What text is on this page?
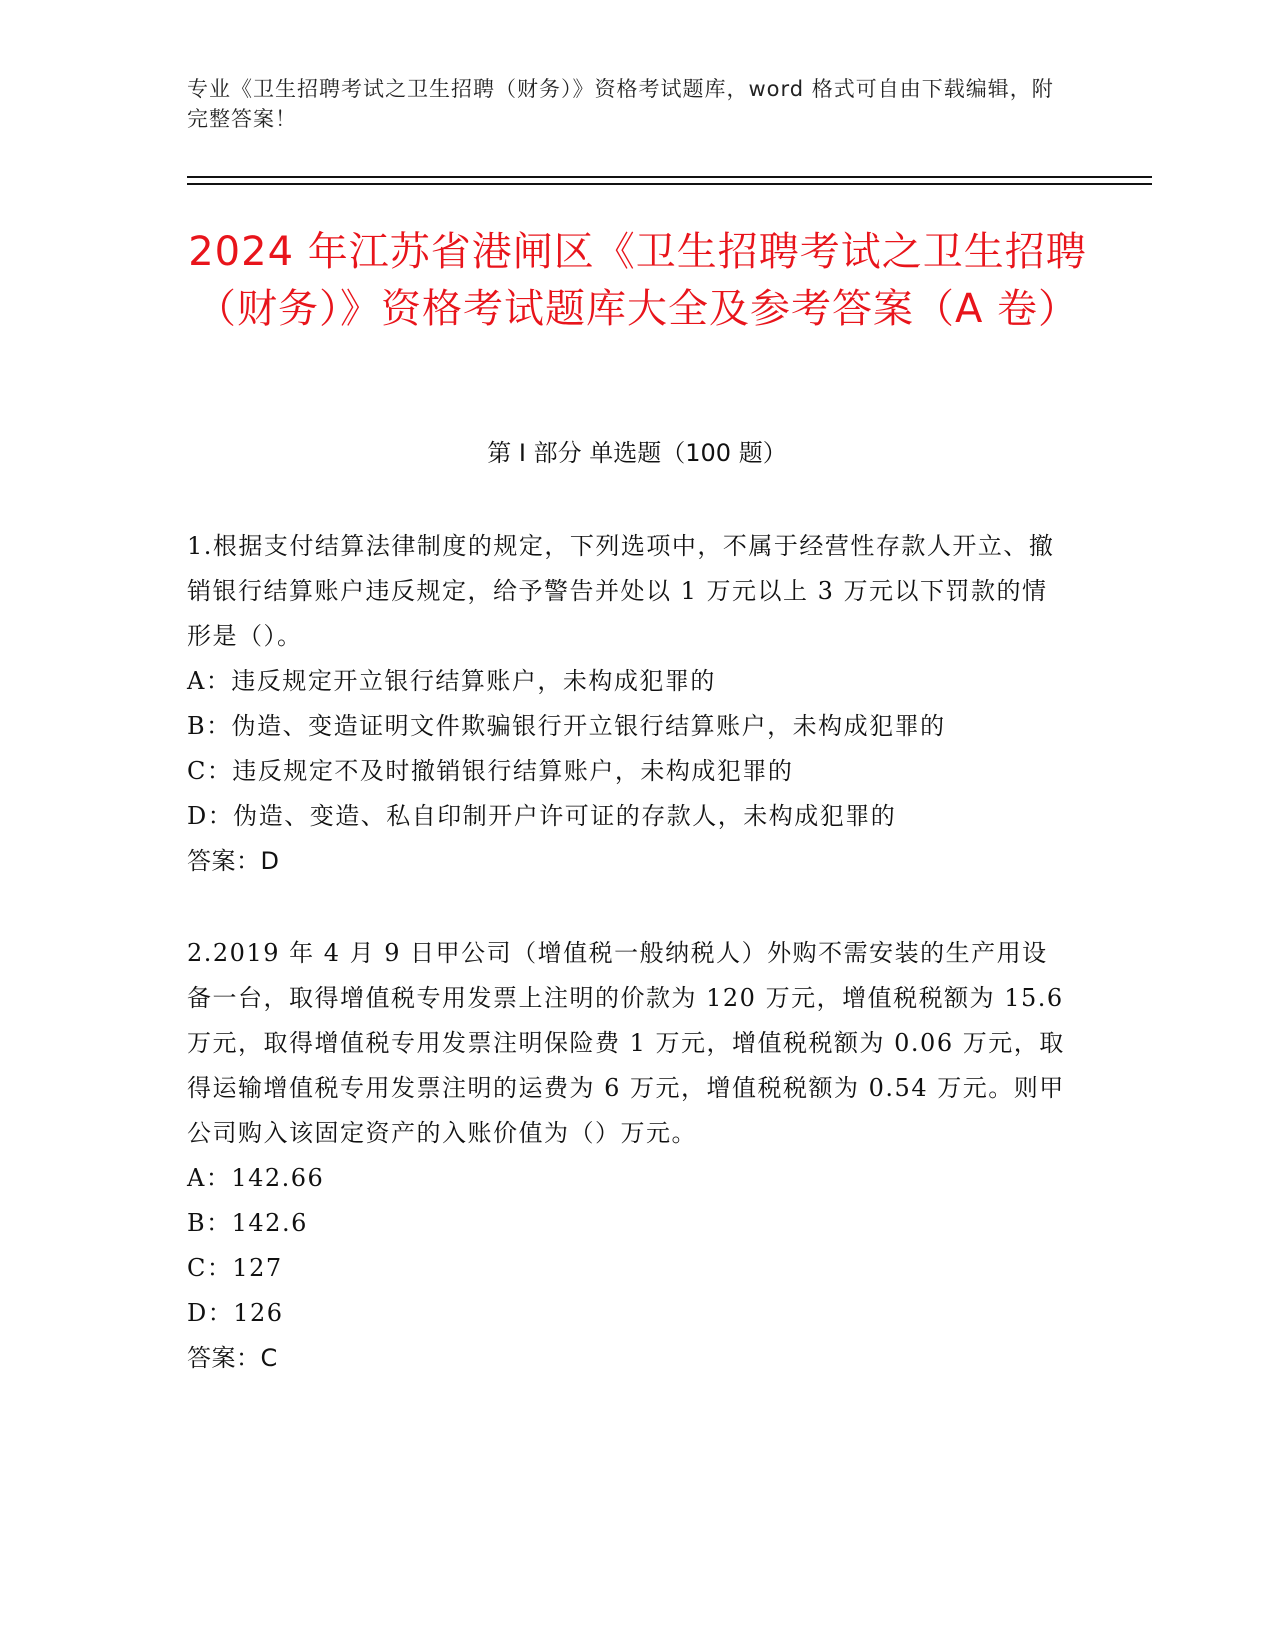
专业《卫生招聘考试之卫生招聘（财务）》资格考试题库，word 格式可自由下载编辑，附完整答案！
2024 年江苏省港闸区《卫生招聘考试之卫生招聘（财务）》资格考试题库大全及参考答案（A 卷）
第 I 部分 单选题（100 题）

1.根据支付结算法律制度的规定，下列选项中，不属于经营性存款人开立、撤销银行结算账户违反规定，给予警告并处以 1 万元以上 3 万元以下罚款的情形是（）。

A：违反规定开立银行结算账户，未构成犯罪的

B：伪造、变造证明文件欺骗银行开立银行结算账户，未构成犯罪的

C：违反规定不及时撤销银行结算账户，未构成犯罪的

D：伪造、变造、私自印制开户许可证的存款人，未构成犯罪的

答案：D

2.2019 年 4 月 9 日甲公司（增值税一般纳税人）外购不需安装的生产用设备一台，取得增值税专用发票上注明的价款为 120 万元，增值税税额为 15.6 万元，取得增值税专用发票注明保险费 1 万元，增值税税额为 0.06 万元，取得运输增值税专用发票注明的运费为 6 万元，增值税税额为 0.54 万元。则甲公司购入该固定资产的入账价值为（）万元。

A：142.66

B：142.6

C：127

D：126

答案：C
